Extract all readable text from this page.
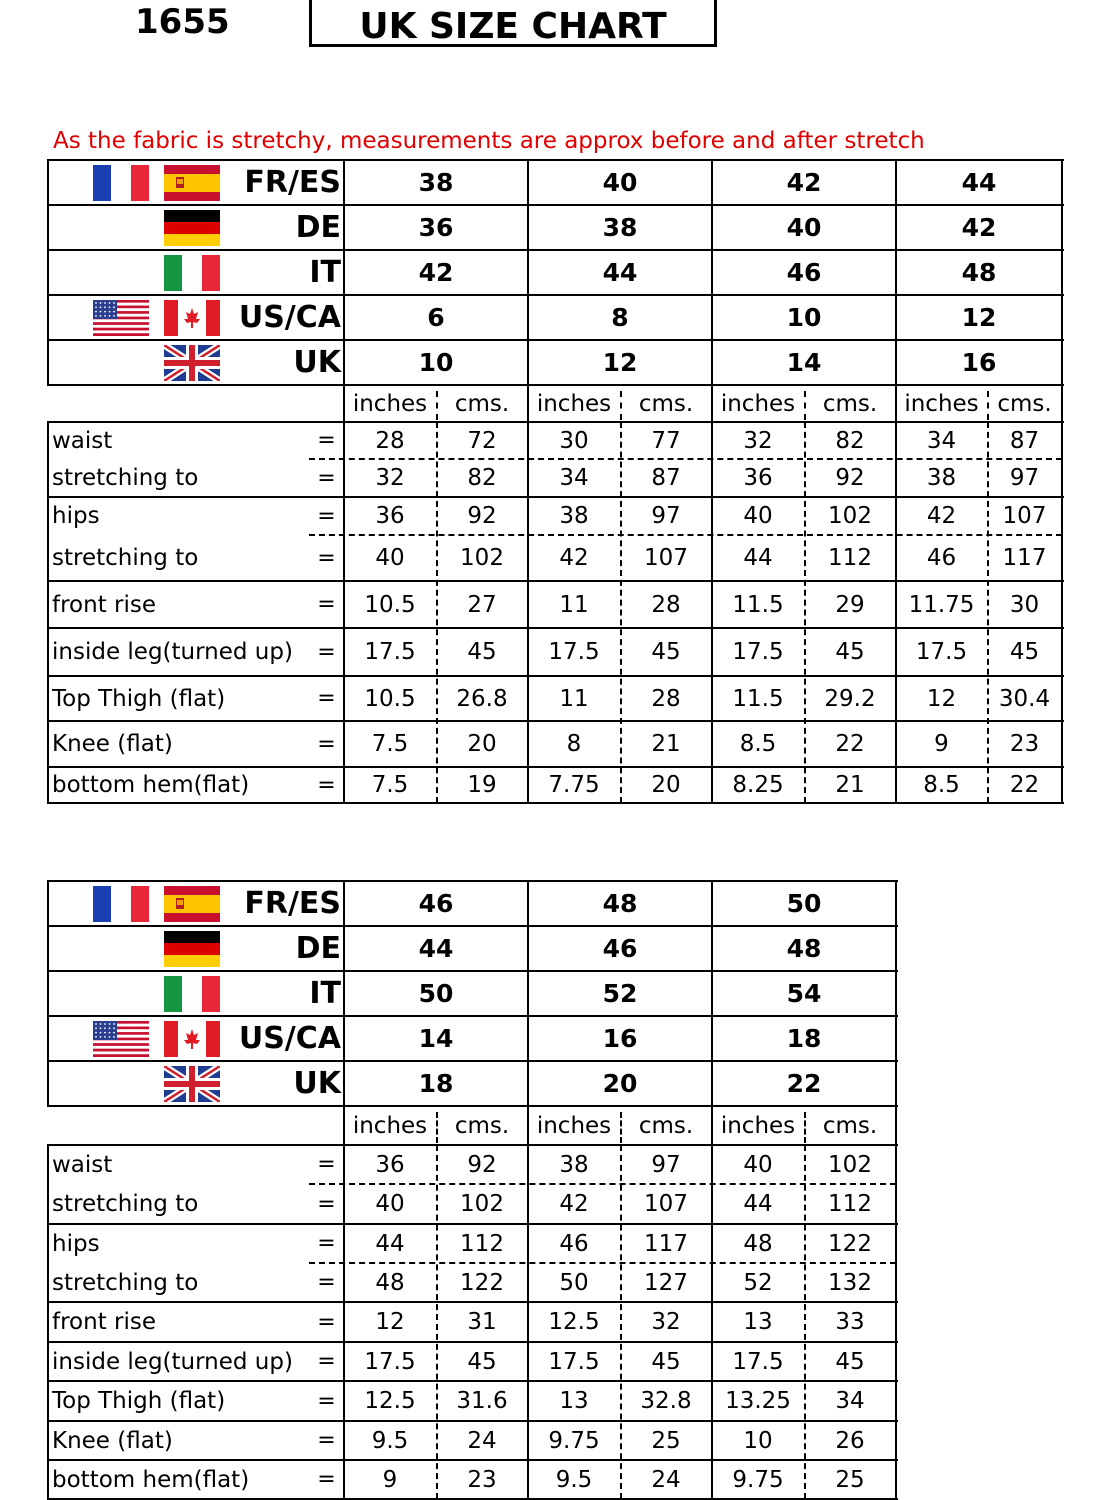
1655	UK SIZE CHART
As the fabric is stretchy, measurements are approx before and after stretch
FR/ES	38	40	42	44
DE	36	38	40	42
IT	42	44	46	48
US/CA	6	8	10	12
UK	10	12	14	16
inches	cms.	inches	cms.	inches	cms.	inches cms.
waist	=	28	72	30	77	32	82	34	87
stretching to	=	32	82	34	87	36	92	38	97
hips	=	36	92	38	97	40	102	42	107
stretching to	=	40	102	42	107	44	112	46	117
front rise	=	10.5	27	11	28	11.5	29	11.75	30
inside leg(turned up)	=	17.5	45	17.5	45	17.5	45	17.5	45
Top Thigh (flat)	=	10.5	26.8	11	28	11.5	29.2	12	30.4
Knee (flat)	=	7.5	20	8	21	8.5	22	9	23
bottom hem(flat)	=	7.5	19	7.75	20	8.25	21	8.5	22
FR/ES	46	48	50
DE	44	46	48
IT	50	52	54
US/CA	14	16	18
UK	18	20	22
inches	cms.	inches	cms.	inches	cms.
waist	=	36	92	38	97	40	102
stretching to	=	40	102	42	107	44	112
hips	=	44	112	46	117	48	122
stretching to	=	48	122	50	127	52	132
front rise	=	12	31	12.5	32	13	33
inside leg(turned up)	=	17.5	45	17.5	45	17.5	45
Top Thigh (flat)	=	12.5	31.6	13	32.8	13.25	34
Knee (flat)	=	9.5	24	9.75	25	10	26
bottom hem(flat)	=	9	23	9.5	24	9.75	25
